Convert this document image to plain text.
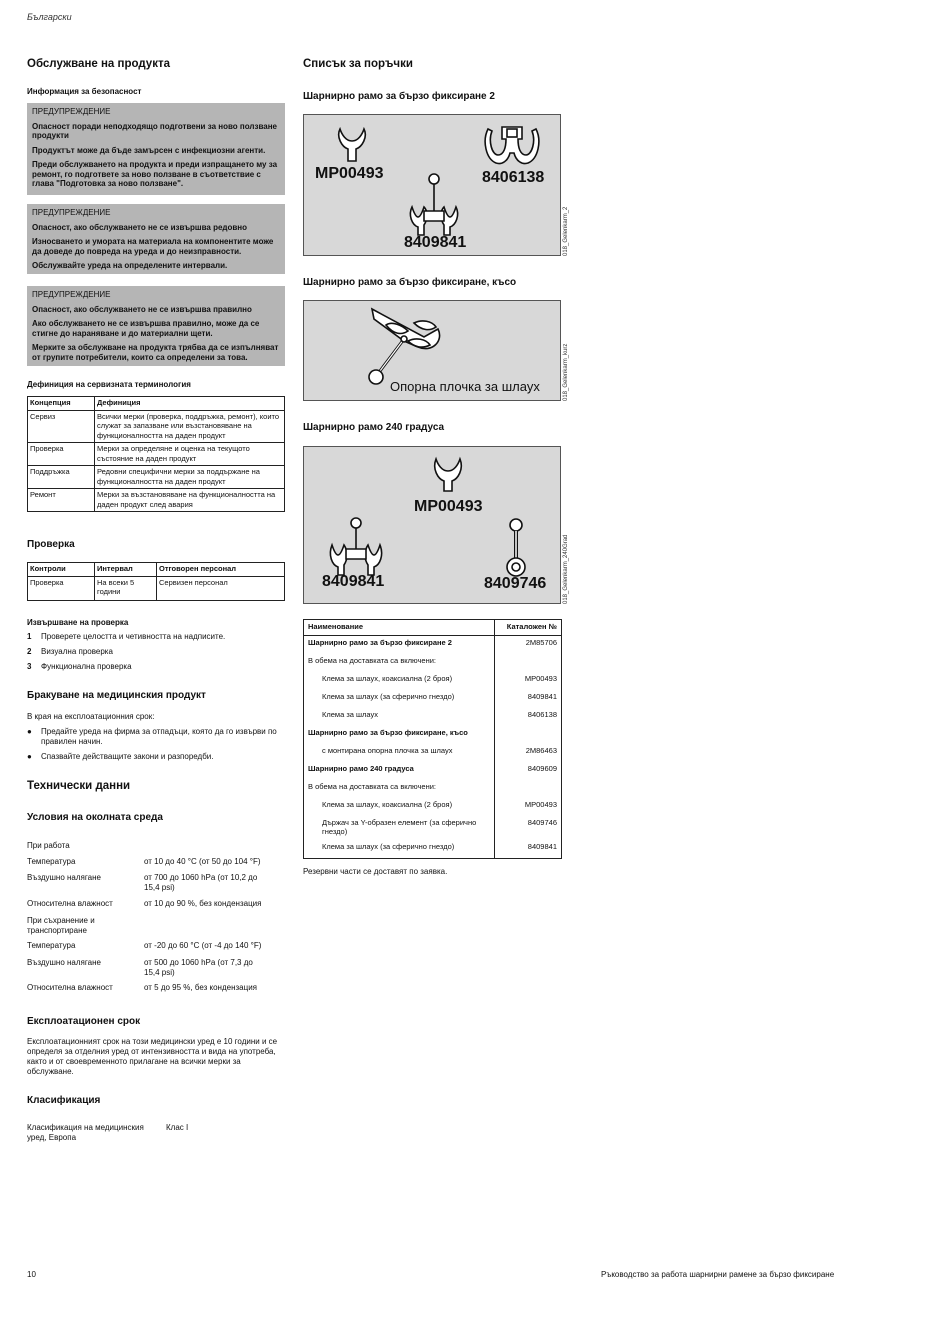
Български
Обслужване на продукта
Информация за безопасност
ПРЕДУПРЕЖДЕНИЕ

Опасност поради неподходящо подготвени за ново ползване продукти

Продуктът може да бъде замърсен с инфекциозни агенти.

Преди обслужването на продукта и преди изпращането му за ремонт, го подгответе за ново ползване в съответствие с глава "Подготовка за ново ползване".

ПРЕДУПРЕЖДЕНИЕ

Опасност, ако обслужването не се извършва редовно

Износването и умората на материала на компонентите може да доведе до повреда на уреда и до неизправности.

Обслужвайте уреда на определените интервали.

ПРЕДУПРЕЖДЕНИЕ

Опасност, ако обслужването не се извършва правилно

Ако обслужването не се извършва правилно, може да се стигне до нараняване и до материални щети.

Мерките за обслужване на продукта трябва да се изпълняват от групите потребители, които са определени за това.

Дефиниция на сервизната терминология
Концепция	Дефиниция
Сервиз	Всички мерки (проверка, поддръжка, ремонт), които служат за запазване или възстановяване на функционалността на даден продукт
Проверка	Мерки за определяне и оценка на текущото състояние на даден продукт
Поддръжка	Редовни специфични мерки за поддържане на функционалността на даден продукт
Ремонт	Мерки за възстановяване на функционалността на даден продукт след авария
Проверка
Контроли	Интервал	Отговорен персонал
Проверка	На всеки 5 години	Сервизен персонал
Извършване на проверка
1 Проверете целостта и четивността на надписите.
2 Визуална проверка
3 Функционална проверка
Бракуване на медицинския продукт
В края на експлоатационния срок:
● Предайте уреда на фирма за отпадъци, която да го извърви по правилен начин.
● Спазвайте действащите закони и разпоредби.
Технически данни
Условия на околната среда
При работа
Температура	от 10 до 40 °C (от 50 до 104 °F)
Въздушно налягане	от 700 до 1060 hPa (от 10,2 до 15,4 psi)
Относителна влажност	от 10 до 90 %, без кондензация
При съхранение и транспортиране
Температура	от -20 до 60 °C (от -4 до 140 °F)
Въздушно налягане	от 500 до 1060 hPa (от 7,3 до 15,4 psi)
Относителна влажност	от 5 до 95 %, без кондензация
Експлоатационен срок
Експлоатационният срок на този медицински уред е 10 години и се определя за отделния уред от интензивността и вида на употреба, както и от своевременното прилагане на всички мерки за обслужване.
Класификация
Класификация на медицинския уред, Европа
Клас I
Списък за поръчки
Шарнирно рамо за бързо фиксиране 2
MP00493	8406138
8409841	018_Gelenkarm_2
Шарнирно рамо за бързо фиксиране, късо
Опорна плочка за шлаух	018_Gelenkarm_kurz
Шарнирно рамо 240 градуса
MP00493
8409841	8409746	018_Gelenkarm_240Grad
Наименование	Каталожен №
Шарнирно рамо за бързо фиксиране 2	2M85706
В обема на доставката са включени:	
Клема за шлаух, коаксиална (2 броя)	MP00493
Клема за шлаух (за сферично гнездо)	8409841
Клема за шлаух	8406138
Шарнирно рамо за бързо фиксиране, късо	
с монтирана опорна плочка за шлаух	2M86463
Шарнирно рамо 240 градуса	8409609
В обема на доставката са включени:	
Клема за шлаух, коаксиална (2 броя)	MP00493
Държач за Y-образен елемент (за сферично гнездо)	8409746
Клема за шлаух (за сферично гнездо)	8409841
Резервни части се доставят по заявка.
10	Ръководство за работа шарнирни рамене за бързо фиксиране
